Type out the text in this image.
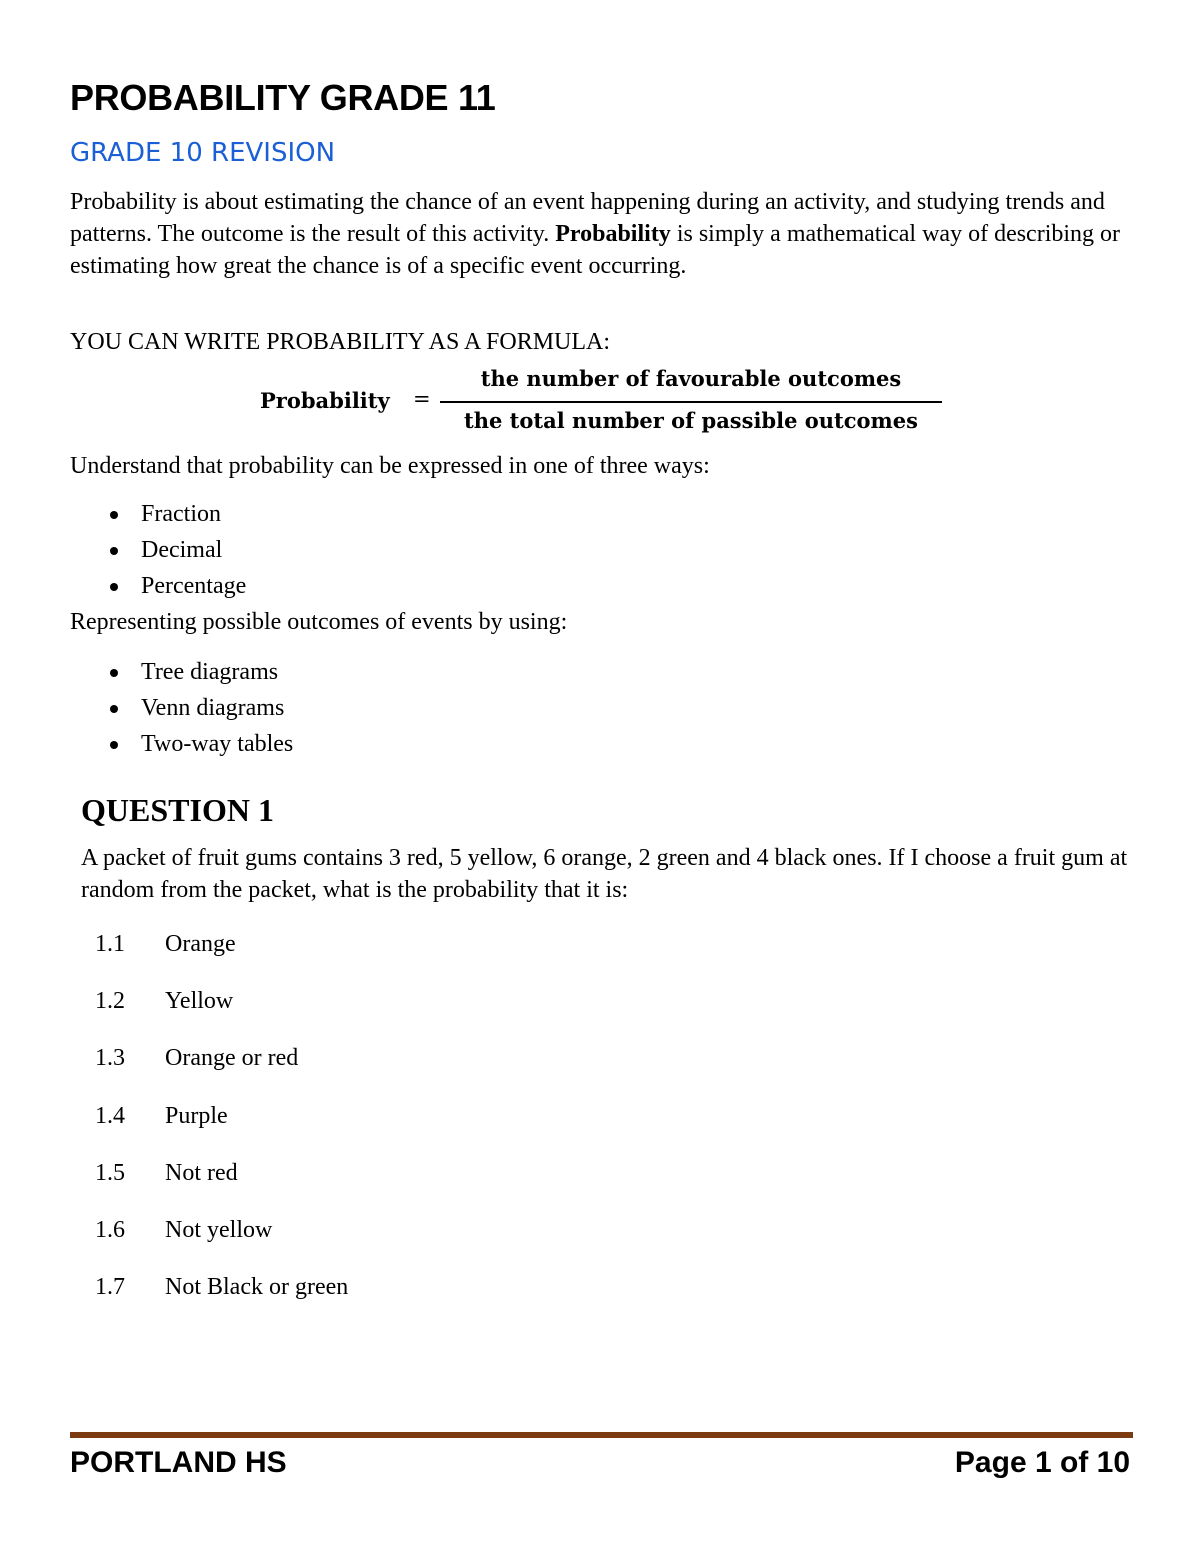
PROBABILITY GRADE 11
GRADE 10 REVISION

Probability is about estimating the chance of an event happening during an activity, and studying trends and patterns. The outcome is the result of this activity. Probability is simply a mathematical way of describing or estimating how great the chance is of a specific event occurring.

YOU CAN WRITE PROBABILITY AS A FORMULA:

Probability =
the number of favourable outcomes
the total number of passible outcomes

Understand that probability can be expressed in one of three ways:

Fraction
Decimal
Percentage

Representing possible outcomes of events by using:

Tree diagrams
Venn diagrams
Two-way tables
QUESTION 1

A packet of fruit gums contains 3 red, 5 yellow, 6 orange, 2 green and 4 black ones. If I choose a fruit gum at random from the packet, what is the probability that it is:

1.1 Orange
1.2 Yellow
1.3 Orange or red
1.4 Purple
1.5 Not red
1.6 Not yellow
1.7 Not Black or green

PORTLAND HS	Page 1 of 10
